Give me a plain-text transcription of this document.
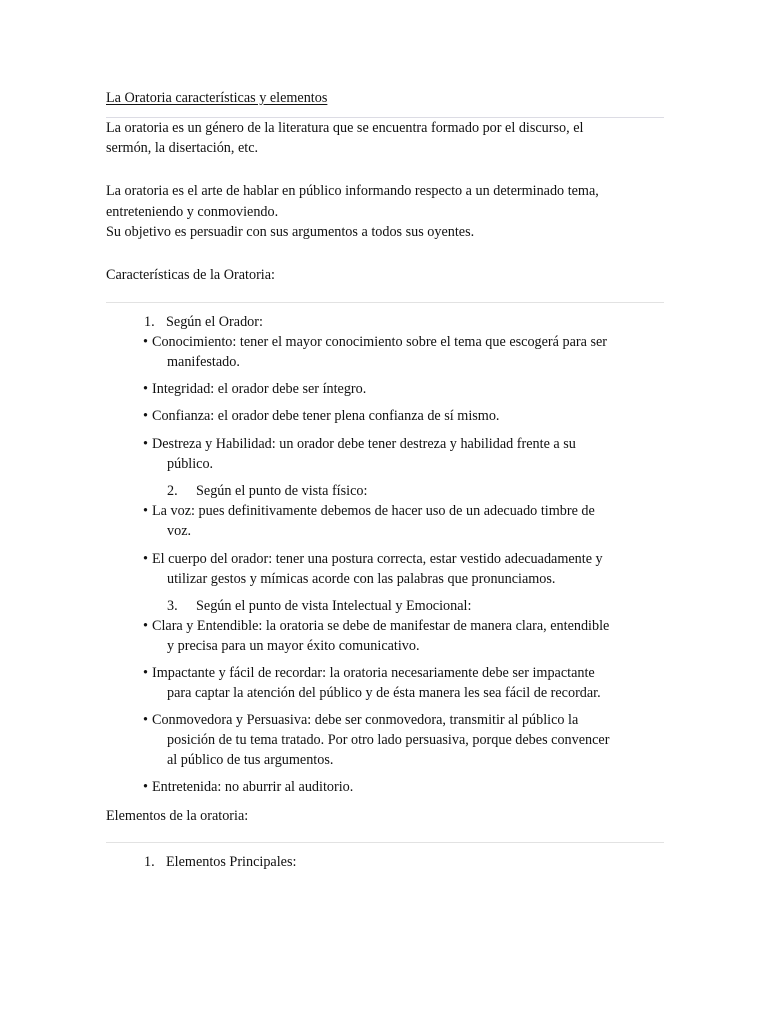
La Oratoria características y elementos
La oratoria es un género de la literatura que se encuentra formado por el discurso, el
sermón, la disertación, etc.
La oratoria es el arte de hablar en público informando respecto a un determinado tema,
entreteniendo y conmoviendo.
Su objetivo es persuadir con sus argumentos a todos sus oyentes.
Características de la Oratoria:
1. Según el Orador:
• Conocimiento: tener el mayor conocimiento sobre el tema que escogerá para ser
manifestado.
• Integridad: el orador debe ser íntegro.
• Confianza: el orador debe tener plena confianza de sí mismo.
• Destreza y Habilidad: un orador debe tener destreza y habilidad frente a su
público.
2. Según el punto de vista físico:
• La voz: pues definitivamente debemos de hacer uso de un adecuado timbre de
voz.
• El cuerpo del orador: tener una postura correcta, estar vestido adecuadamente y
utilizar gestos y mímicas acorde con las palabras que pronunciamos.
3. Según el punto de vista Intelectual y Emocional:
• Clara y Entendible: la oratoria se debe de manifestar de manera clara, entendible
y precisa para un mayor éxito comunicativo.
• Impactante y fácil de recordar: la oratoria necesariamente debe ser impactante
para captar la atención del público y de ésta manera les sea fácil de recordar.
• Conmovedora y Persuasiva: debe ser conmovedora, transmitir al público la
posición de tu tema tratado. Por otro lado persuasiva, porque debes convencer
al público de tus argumentos.
• Entretenida: no aburrir al auditorio.
Elementos de la oratoria:
1. Elementos Principales:
